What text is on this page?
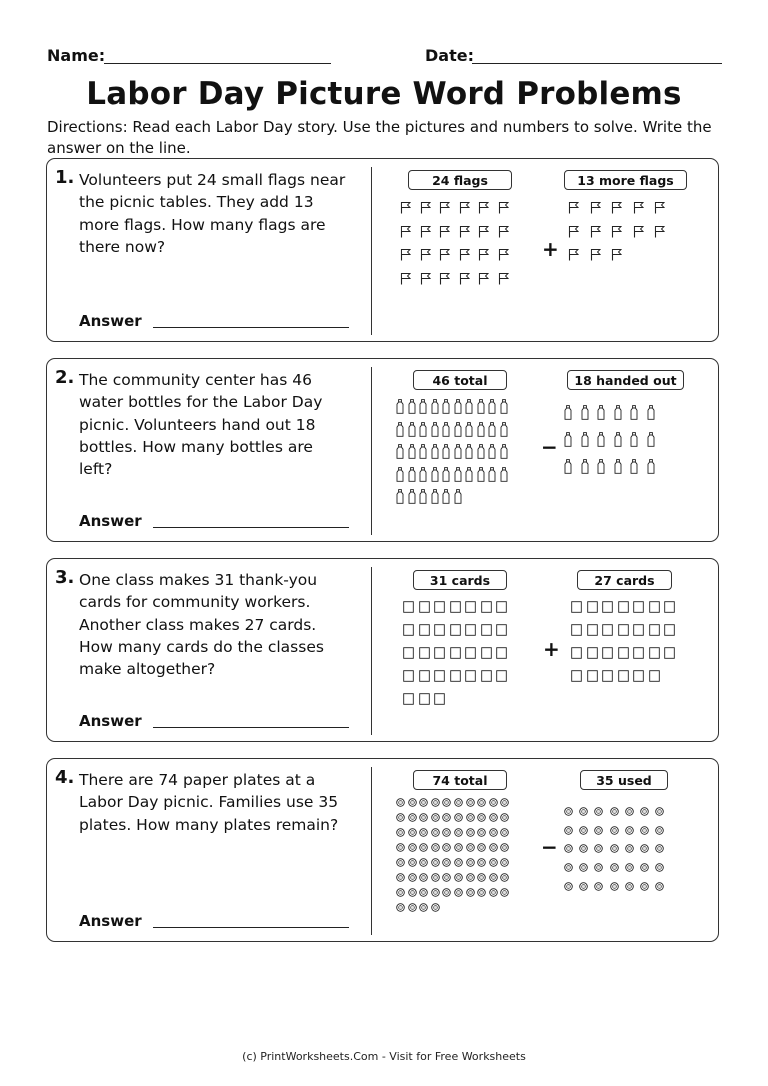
Name:	Date:
Labor Day Picture Word Problems
Directions: Read each Labor Day story. Use the pictures and numbers to solve. Write the answer on the line.
1. Volunteers put 24 small flags near the picnic tables. They add 13 more flags. How many flags are there now?
Answer
24 flags	13 more flags
+
2. The community center has 46 water bottles for the Labor Day picnic. Volunteers hand out 18 bottles. How many bottles are left?
Answer
46 total	18 handed out
−
3. One class makes 31 thank-you cards for community workers. Another class makes 27 cards. How many cards do the classes make altogether?
Answer
31 cards	27 cards
+
4. There are 74 paper plates at a Labor Day picnic. Families use 35 plates. How many plates remain?
Answer
74 total	35 used
−
(c) PrintWorksheets.Com - Visit for Free Worksheets
